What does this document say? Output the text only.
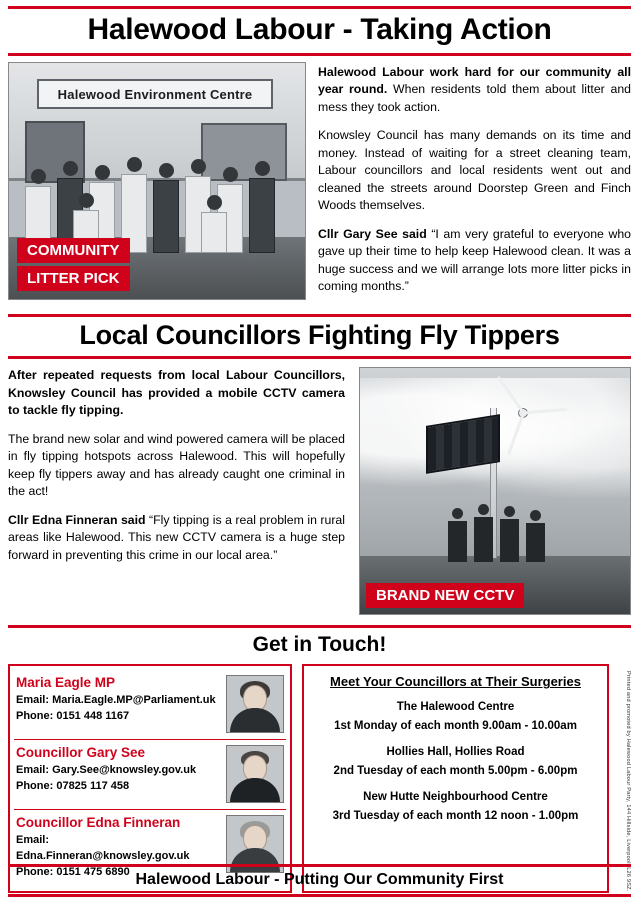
Halewood Labour - Taking Action
Halewood Environment Centre
COMMUNITY
LITTER PICK

Halewood Labour work hard for our community all year round. When residents told them about litter and mess they took action.

Knowsley Council has many demands on its time and money. Instead of waiting for a street cleaning team, Labour councillors and local residents went out and cleaned the streets around Doorstep Green and Finch Woods themselves.

Cllr Gary See said “I am very grateful to everyone who gave up their time to help keep Halewood clean. It was a huge success and we will arrange lots more litter picks in coming months.”

Local Councillors Fighting Fly Tippers

After repeated requests from local Labour Councillors, Knowsley Council has provided a mobile CCTV camera to tackle fly tipping.

The brand new solar and wind powered camera will be placed in fly tipping hotspots across Halewood. This will hopefully keep fly tippers away and has already caught one criminal in the act!

Cllr Edna Finneran said “Fly tipping is a real problem in rural areas like Halewood. This new CCTV camera is a huge step forward in preventing this crime in our local area.”

BRAND NEW CCTV
Get in Touch!
Maria Eagle MP
Email: Maria.Eagle.MP@Parliament.uk
Phone: 0151 448 1167
Councillor Gary See
Email: Gary.See@knowsley.gov.uk
Phone: 07825 117 458
Councillor Edna Finneran
Email: Edna.Finneran@knowsley.gov.uk
Phone: 0151 475 6890
Meet Your Councillors at Their Surgeries
The Halewood Centre
1st Monday of each month 9.00am - 10.00am
Hollies Hall, Hollies Road
2nd Tuesday of each month 5.00pm - 6.00pm
New Hutte Neighbourhood Centre
3rd Tuesday of each month 12 noon - 1.00pm	Printed and promoted by Halewood Labour Party, 144 Hillside, Liverpool, L26 9SZ.
Halewood Labour - Putting Our Community First
